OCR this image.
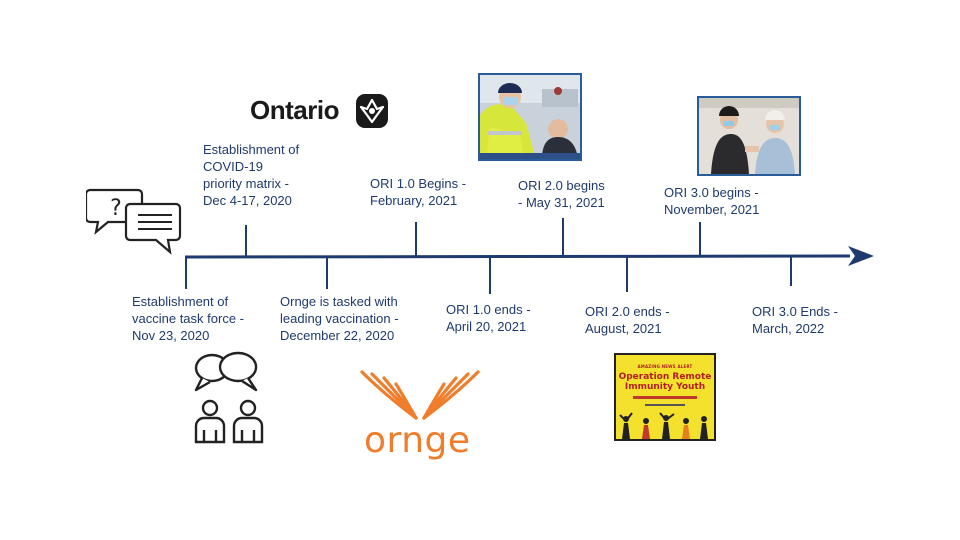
Establishment of
COVID-19
priority matrix -
Dec 4-17, 2020
ORI 1.0 Begins -
February, 2021
ORI 2.0 begins
- May 31, 2021
ORI 3.0 begins -
November, 2021
Establishment of
vaccine task force -
Nov 23, 2020
Ornge is tasked with
leading vaccination -
December 22, 2020
ORI 1.0 ends -
April 20, 2021
ORI 2.0 ends -
August, 2021
ORI 3.0 Ends -
March, 2022
Ontario
?
ornge
AMAZING NEWS ALERT
Operation Remote
Immunity Youth
